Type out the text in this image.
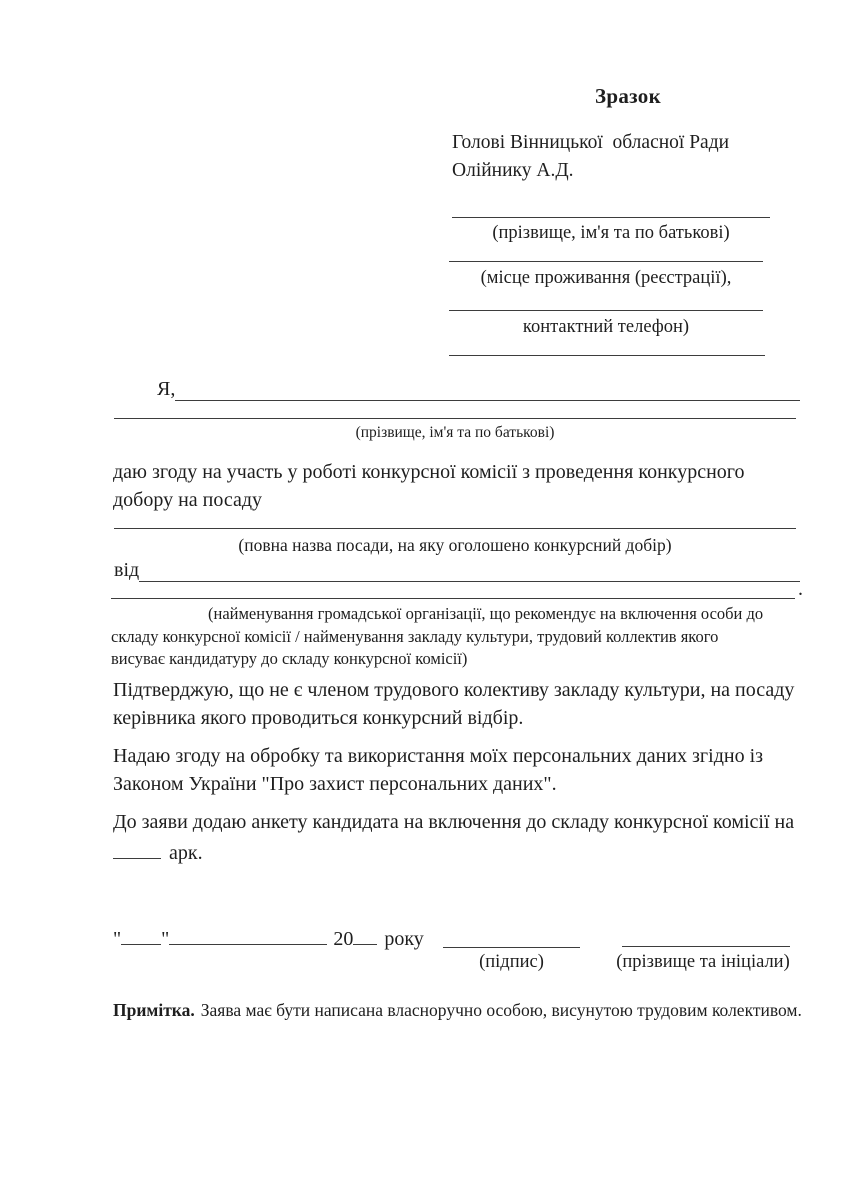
Зразок
Голові Вінницької  обласної Ради
Олійнику А.Д.
(прізвище, ім'я та по батькові)
(місце проживання (реєстрації),
контактний телефон)
Я,
(прізвище, ім'я та по батькові)
даю згоду на участь у роботі конкурсної комісії з проведення конкурсного
добору на посаду
(повна назва посади, на яку оголошено конкурсний добір)
від
.
(найменування громадської організації, що рекомендує на включення особи до
складу конкурсної комісії / найменування закладу культури, трудовий коллектив якого
висуває кандидатуру до складу конкурсної комісії)
Підтверджую, що не є членом трудового колективу закладу культури, на посаду
керівника якого проводиться конкурсний відбір.
Надаю згоду на обробку та використання моїх персональних даних згідно із
Законом України "Про захист персональних даних".
До заяви додаю анкету кандидата на включення до складу конкурсної комісії на
арк.
" "	20 року
(підпис)	(прізвище та ініціали)
Примітка. Заява має бути написана власноручно особою, висунутою трудовим колективом.
